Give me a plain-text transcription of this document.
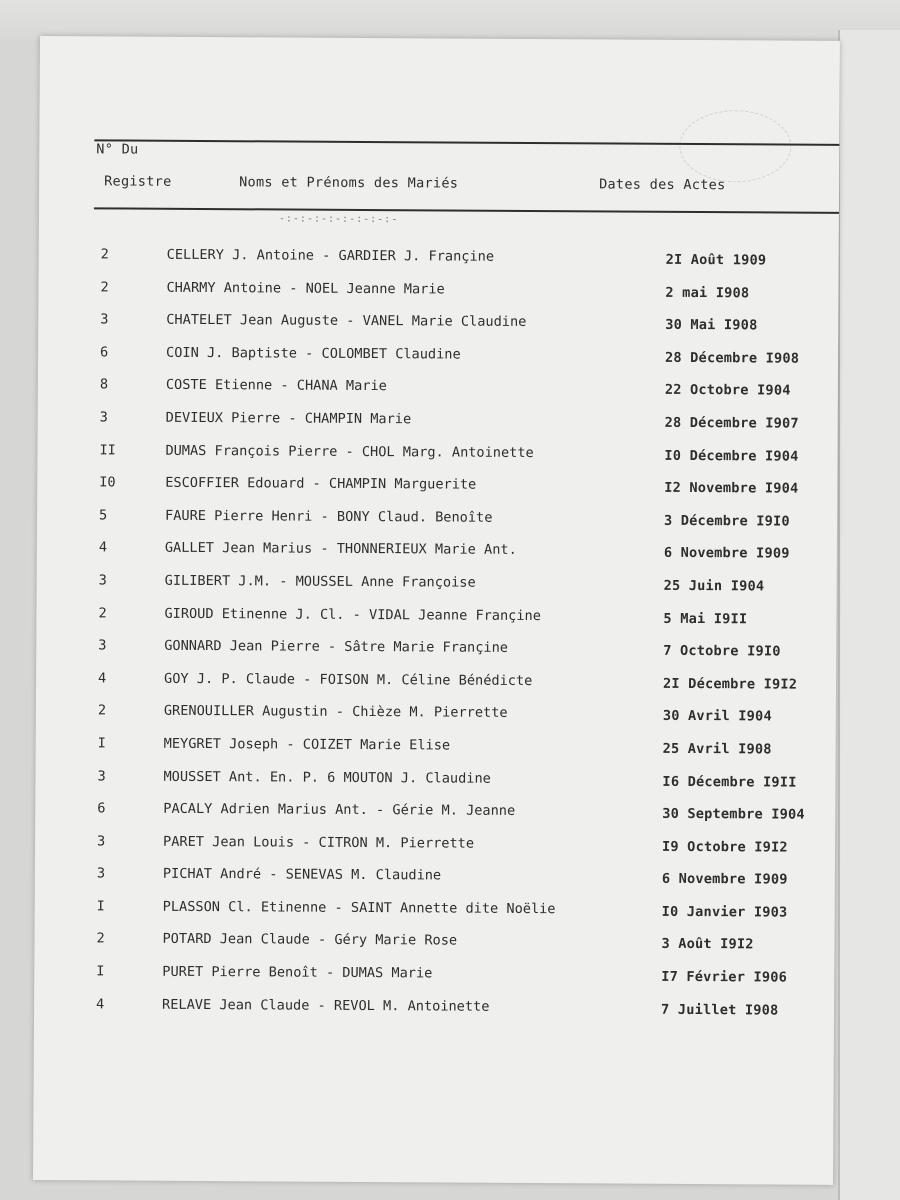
N° Du
Registre	Noms et Prénoms des Mariés	Dates des Actes
-:-:-:-:-:-:-:-:-
2	CELLERY J. Antoine - GARDIER J. Françine	2I Août 1909
2	CHARMY Antoine - NOEL Jeanne Marie	2 mai I908
3	CHATELET Jean Auguste - VANEL Marie Claudine	30 Mai I908
6	COIN J. Baptiste - COLOMBET Claudine	28 Décembre I908
8	COSTE Etienne - CHANA Marie	22 Octobre I904
3	DEVIEUX Pierre - CHAMPIN Marie	28 Décembre I907
II	DUMAS François Pierre - CHOL Marg. Antoinette	I0 Décembre I904
I0	ESCOFFIER Edouard - CHAMPIN Marguerite	I2 Novembre I904
5	FAURE Pierre Henri - BONY Claud. Benoîte	3 Décembre I9I0
4	GALLET Jean Marius - THONNERIEUX Marie Ant.	6 Novembre I909
3	GILIBERT J.M. - MOUSSEL Anne Françoise	25 Juin I904
2	GIROUD Etinenne J. Cl. - VIDAL Jeanne Françine	5 Mai I9II
3	GONNARD Jean Pierre - Sâtre Marie Françine	7 Octobre I9I0
4	GOY J. P. Claude - FOISON M. Céline Bénédicte	2I Décembre I9I2
2	GRENOUILLER Augustin - Chièze M. Pierrette	30 Avril I904
I	MEYGRET Joseph - COIZET Marie Elise	25 Avril I908
3	MOUSSET Ant. En. P. 6 MOUTON J. Claudine	I6 Décembre I9II
6	PACALY Adrien Marius Ant. - Gérie M. Jeanne	30 Septembre I904
3	PARET Jean Louis - CITRON M. Pierrette	I9 Octobre I9I2
3	PICHAT André - SENEVAS M. Claudine	6 Novembre I909
I	PLASSON Cl. Etinenne - SAINT Annette dite Noëlie	I0 Janvier I903
2	POTARD Jean Claude - Géry Marie Rose	3 Août I9I2
I	PURET Pierre Benoît - DUMAS Marie	I7 Février I906
4	RELAVE Jean Claude - REVOL M. Antoinette	7 Juillet I908
